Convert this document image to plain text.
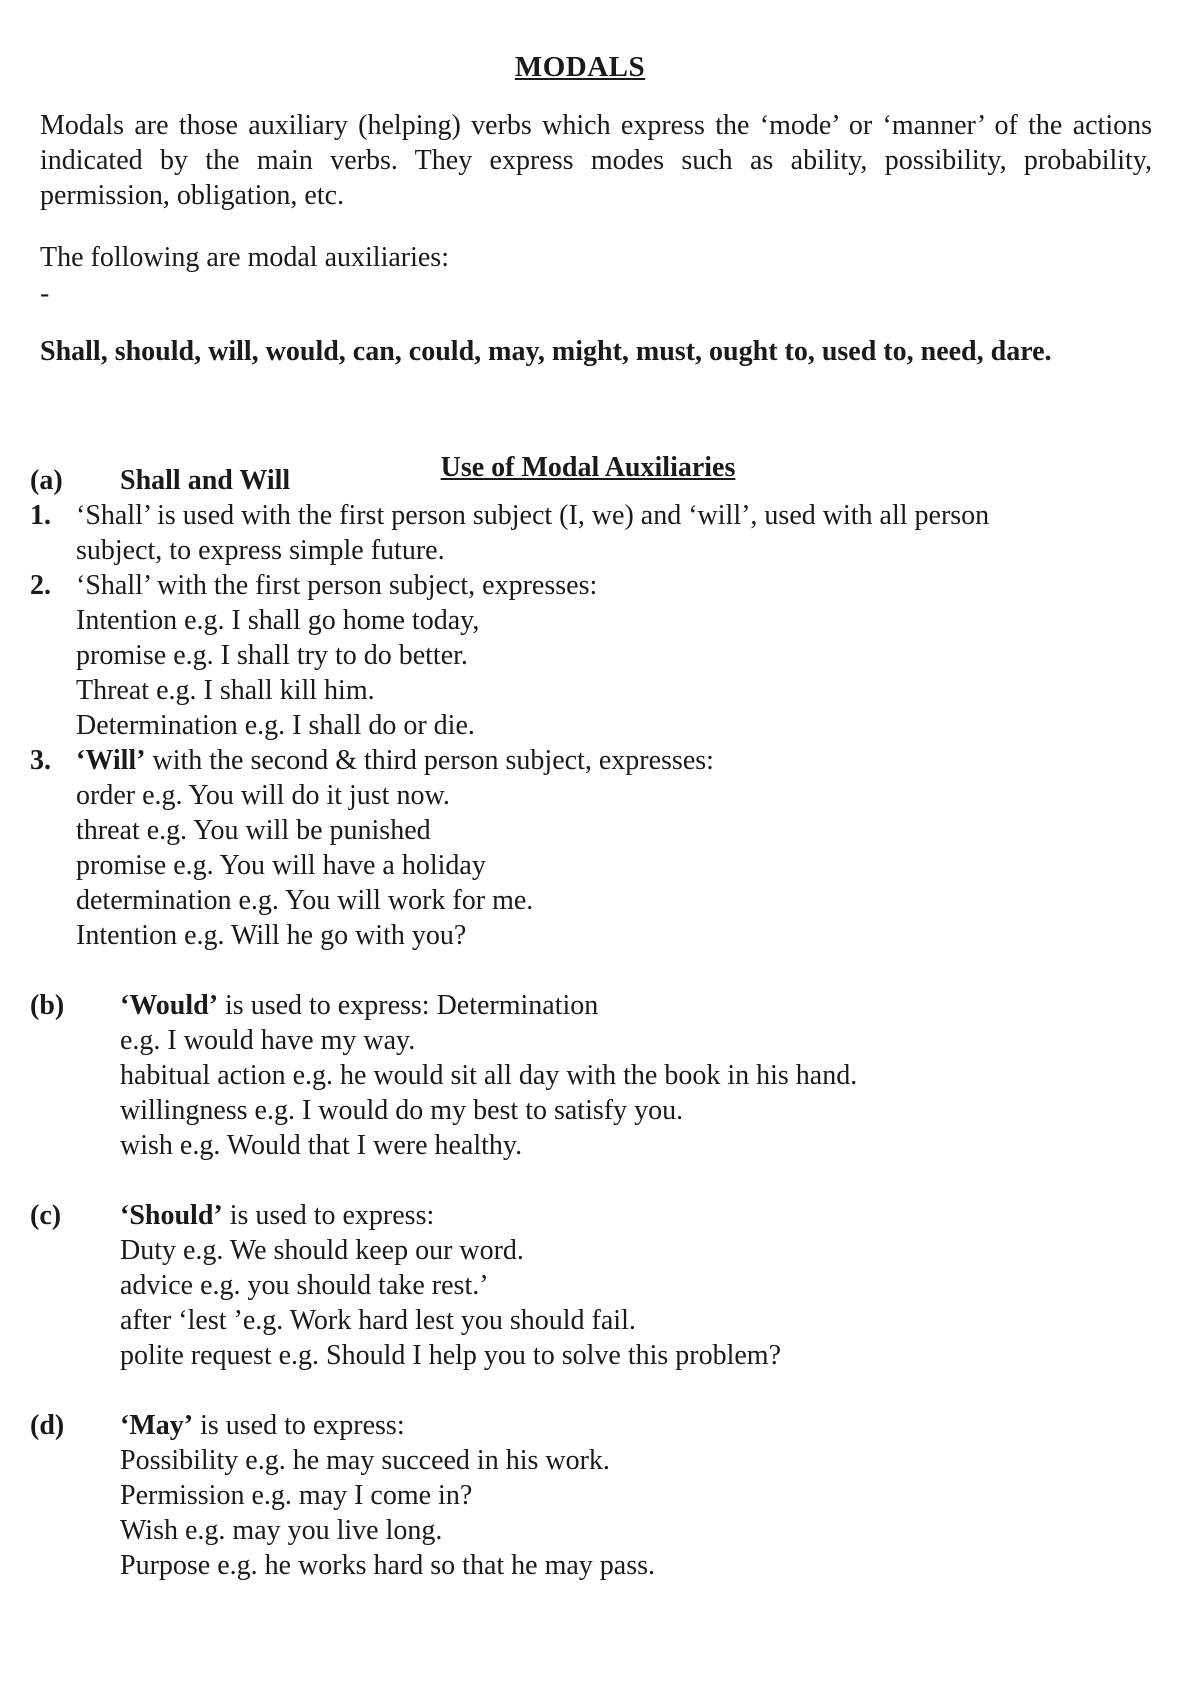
MODALS
Modals are those auxiliary (helping) verbs which express the ‘mode’ or ‘manner’ of the actions indicated by the main verbs. They express modes such as ability, possibility, probability, permission, obligation, etc.
The following are modal auxiliaries:
-
Shall, should, will, would, can, could, may, might, must, ought to, used to, need, dare.
Use of Modal Auxiliaries
(a) Shall and Will
1. ‘Shall’ is used with the first person subject (I, we) and ‘will’, used with all person
subject, to express simple future.
2. ‘Shall’ with the first person subject, expresses:
Intention e.g. I shall go home today,
promise e.g. I shall try to do better.
Threat e.g. I shall kill him.
Determination e.g. I shall do or die.
3. ‘Will’ with the second & third person subject, expresses:
order e.g. You will do it just now.
threat e.g. You will be punished
promise e.g. You will have a holiday
determination e.g. You will work for me.
Intention e.g. Will he go with you?
(b) ‘Would’ is used to express: Determination
e.g. I would have my way.
habitual action e.g. he would sit all day with the book in his hand.
willingness e.g. I would do my best to satisfy you.
wish e.g. Would that I were healthy.
(c) ‘Should’ is used to express:
Duty e.g. We should keep our word.
advice e.g. you should take rest.’
after ‘lest ’e.g. Work hard lest you should fail.
polite request e.g. Should I help you to solve this problem?
(d) ‘May’ is used to express:
Possibility e.g. he may succeed in his work.
Permission e.g. may I come in?
Wish e.g. may you live long.
Purpose e.g. he works hard so that he may pass.
